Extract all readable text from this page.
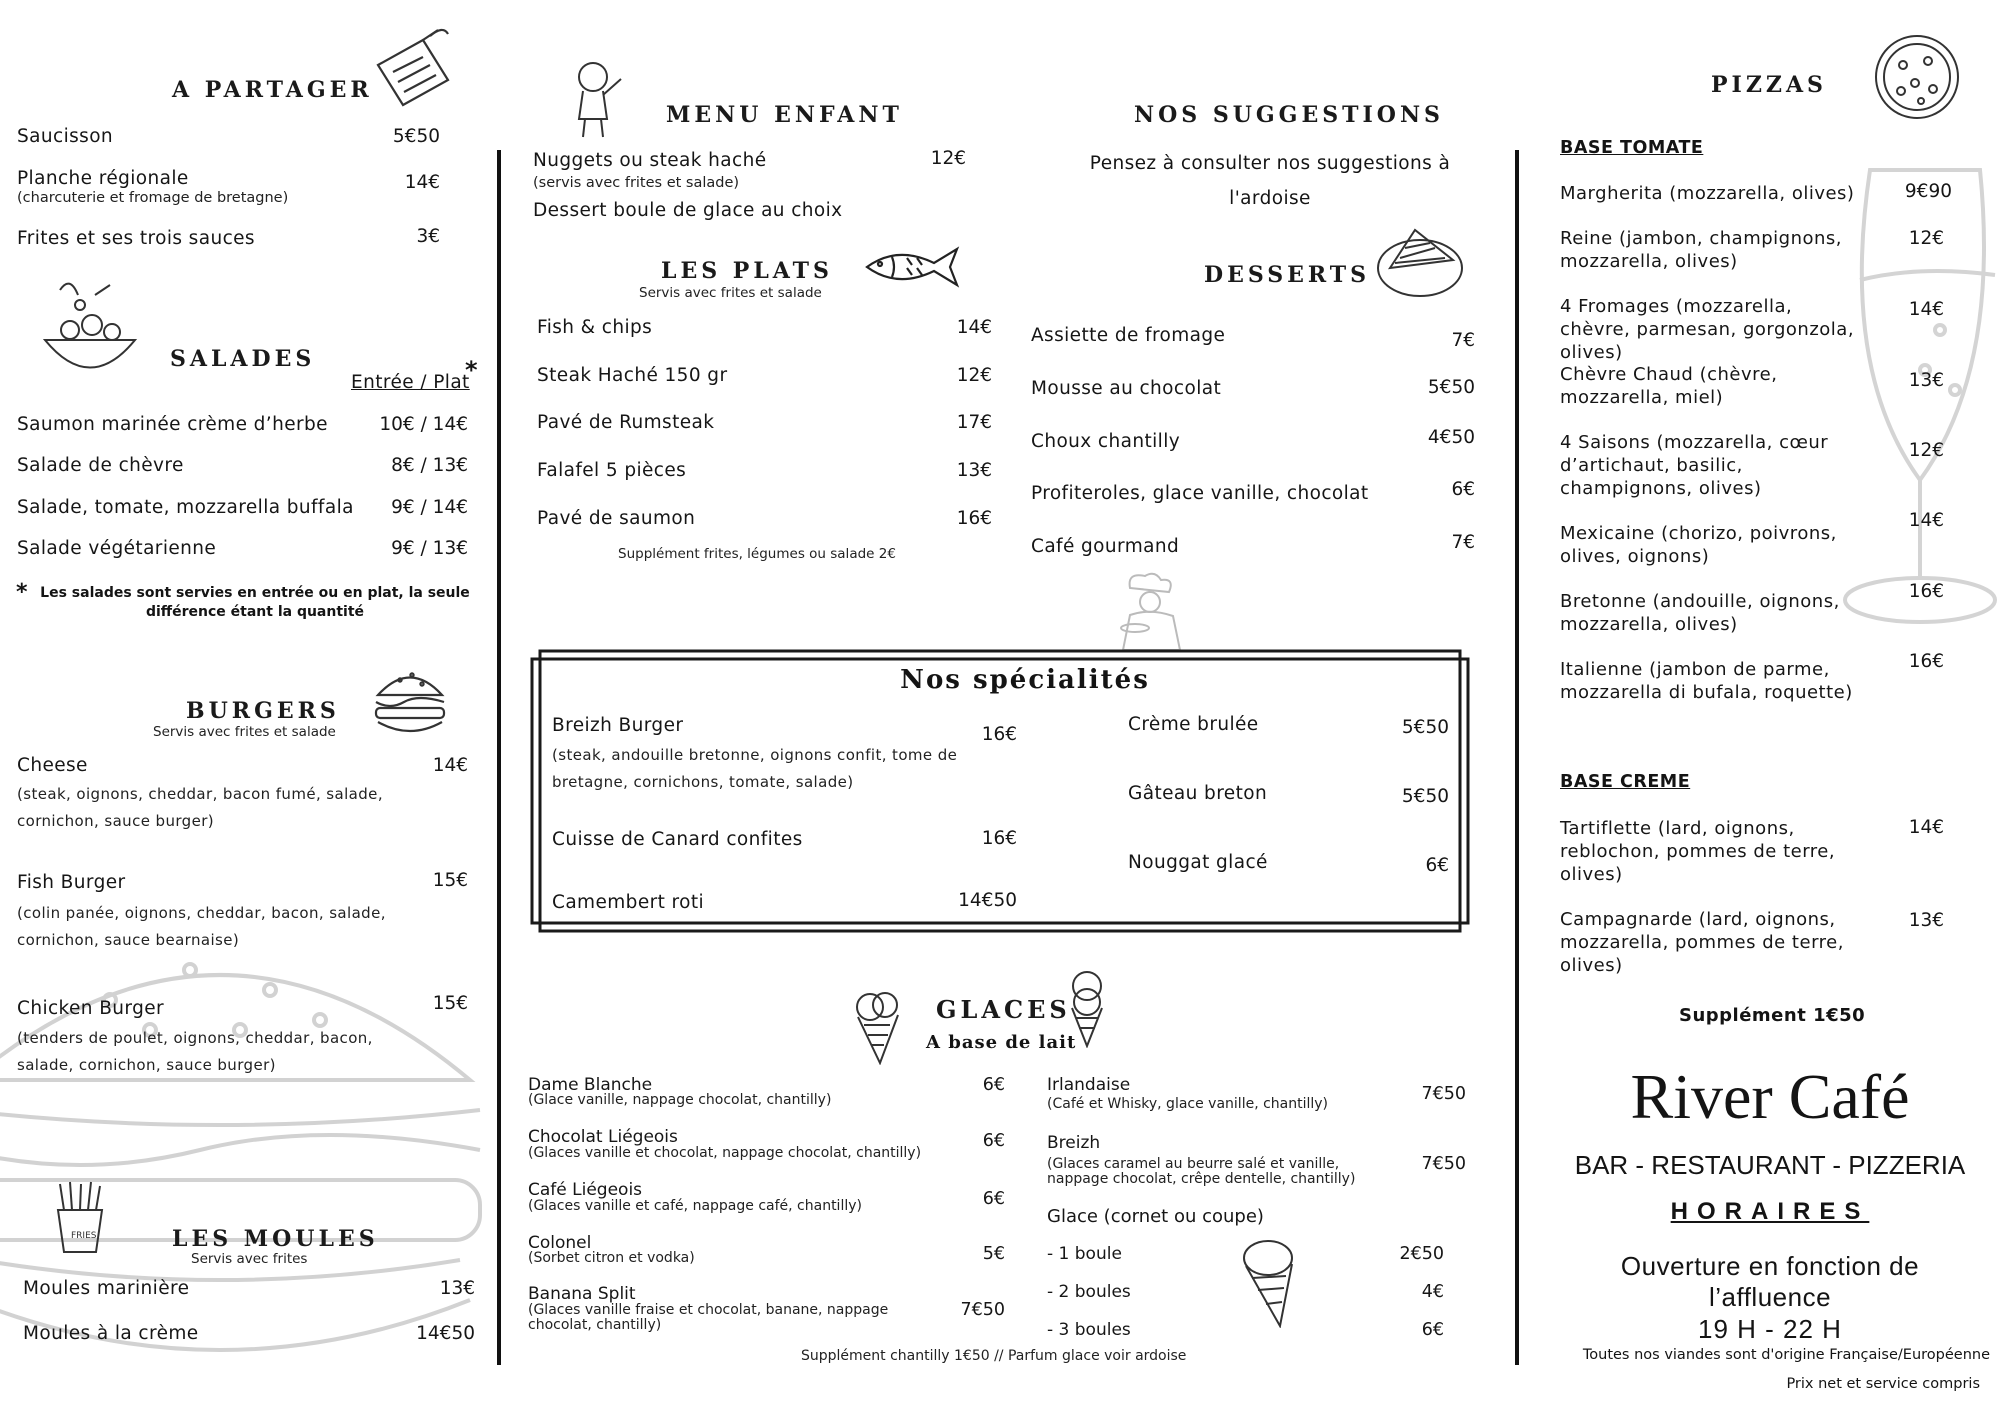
A PARTAGER
Saucisson	5€50
Planche régionale
(charcuterie et fromage de bretagne)
14€
Frites et ses trois sauces	3€
SALADES
Entrée / Plat
*
Saumon marinée crème d’herbe	10€ / 14€
Salade de chèvre	8€ / 13€
Salade, tomate, mozzarella buffala	9€ / 14€
Salade végétarienne	9€ / 13€
* Les salades sont servies en entrée ou en plat, la seule différence étant la quantité
BURGERS
Servis avec frites et salade
Cheese
(steak, oignons, cheddar, bacon fumé, salade, cornichon, sauce burger)
14€
Fish Burger
(colin panée, oignons, cheddar, bacon, salade, cornichon, sauce bearnaise)
15€
Chicken Burger
(tenders de poulet, oignons, cheddar, bacon, salade, cornichon, sauce burger)
15€
FRIES	LES MOULES
Servis avec frites
Moules marinière	13€
Moules à la crème	14€50
MENU ENFANT
Nuggets ou steak haché
(servis avec frites et salade)
12€
Dessert boule de glace au choix
NOS SUGGESTIONS
Pensez à consulter nos suggestions à
l'ardoise
LES PLATS
Servis avec frites et salade
Fish & chips	14€
Steak Haché 150 gr	12€
Pavé de Rumsteak	17€
Falafel 5 pièces	13€
Pavé de saumon	16€
Supplément frites, légumes ou salade 2€
DESSERTS
Assiette de fromage	7€
Mousse au chocolat	5€50
Choux chantilly	4€50
Profiteroles, glace vanille, chocolat	6€
Café gourmand	7€
Nos spécialités
Breizh Burger
(steak, andouille bretonne, oignons confit, tome de
bretagne, cornichons, tomate, salade)
16€
Cuisse de Canard confites	16€
Camembert roti	14€50
Crème brulée	5€50
Gâteau breton	5€50
Nouggat glacé	6€
GLACES
A base de lait
Dame Blanche
(Glace vanille, nappage chocolat, chantilly)
6€
Chocolat Liégeois
(Glaces vanille et chocolat, nappage chocolat, chantilly)
6€
Café Liégeois
(Glaces vanille et café, nappage café, chantilly)	6€
Colonel
(Sorbet citron et vodka)	5€
Banana Split
(Glaces vanille fraise et chocolat, banane, nappage chocolat, chantilly)
7€50
Irlandaise
(Café et Whisky, glace vanille, chantilly)	7€50
Breizh
(Glaces caramel au beurre salé et vanille, nappage chocolat, crêpe dentelle, chantilly)
7€50
Glace (cornet ou coupe)
- 1 boule	2€50
- 2 boules	4€
- 3 boules	6€
Supplément chantilly 1€50 // Parfum glace voir ardoise
PIZZAS
BASE TOMATE
Margherita (mozzarella, olives)	9€90
Reine (jambon, champignons, mozzarella, olives)
12€
4 Fromages (mozzarella, chèvre, parmesan, gorgonzola, olives)
14€
Chèvre Chaud (chèvre, mozzarella, miel)
13€
4 Saisons (mozzarella, cœur d’artichaut, basilic, champignons, olives)
12€
Mexicaine (chorizo, poivrons, olives, oignons)
14€
Bretonne (andouille, oignons, mozzarella, olives)
16€
Italienne (jambon de parme, mozzarella di bufala, roquette)
16€
BASE CREME
Tartiflette (lard, oignons, reblochon, pommes de terre, olives)
14€
Campagnarde (lard, oignons, mozzarella, pommes de terre, olives)
13€
Supplément 1€50
River Café
BAR - RESTAURANT - PIZZERIA
HORAIRES
Ouverture en fonction de
l’affluence
19 H - 22 H
Toutes nos viandes sont d'origine Française/Européenne
Prix net et service compris
